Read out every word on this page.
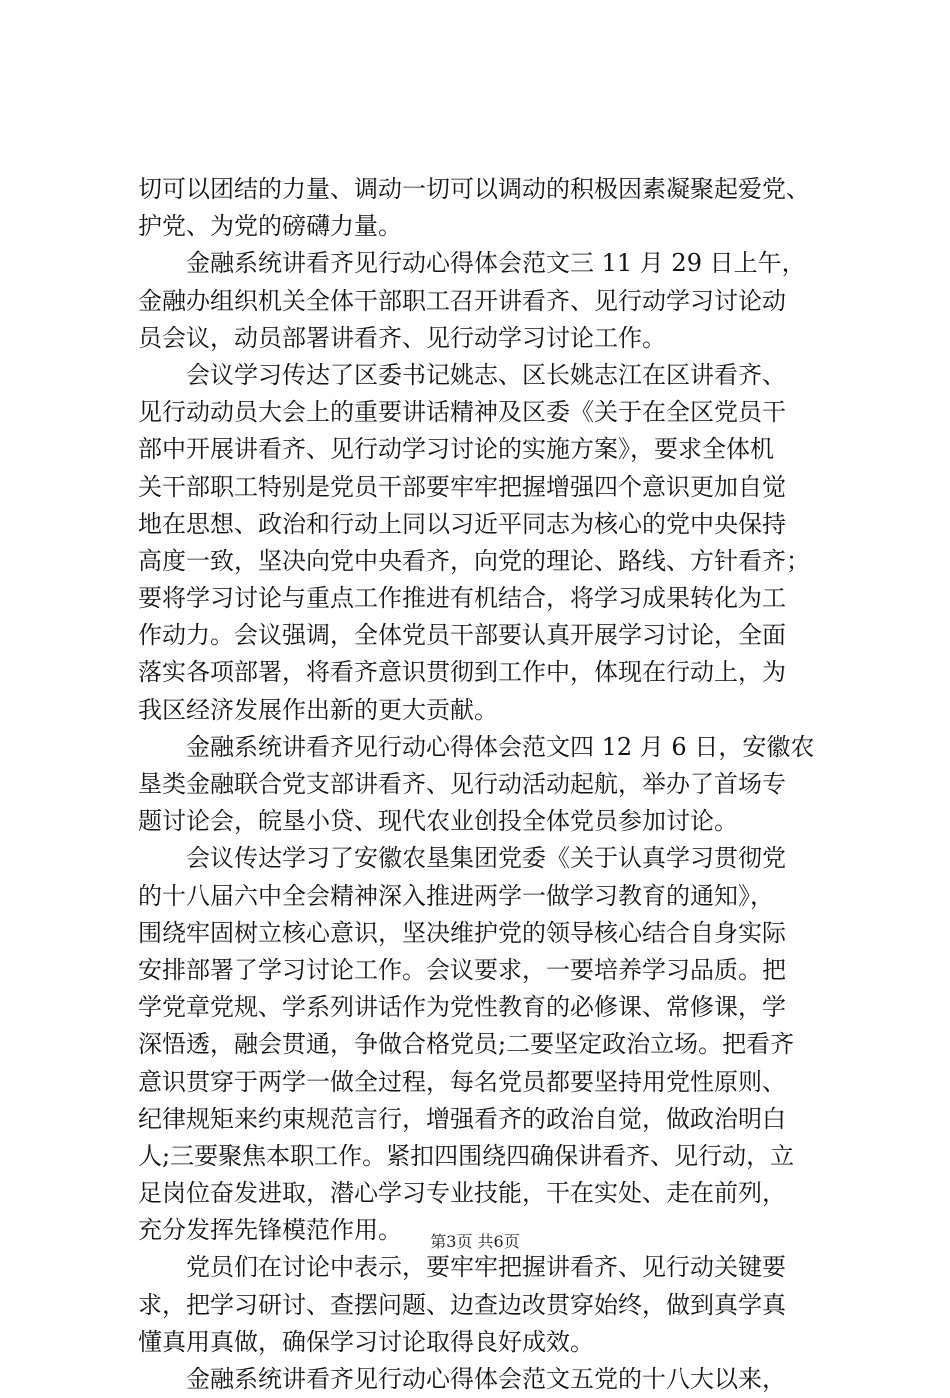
切可以团结的力量、调动一切可以调动的积极因素凝聚起爱党、
护党、为党的磅礴力量。
金融系统讲看齐见行动心得体会范文三 11 月 29 日上午，
金融办组织机关全体干部职工召开讲看齐、见行动学习讨论动
员会议，动员部署讲看齐、见行动学习讨论工作。
会议学习传达了区委书记姚志、区长姚志江在区讲看齐、
见行动动员大会上的重要讲话精神及区委《关于在全区党员干
部中开展讲看齐、见行动学习讨论的实施方案》，要求全体机
关干部职工特别是党员干部要牢牢把握增强四个意识更加自觉
地在思想、政治和行动上同以习近平同志为核心的党中央保持
高度一致，坚决向党中央看齐，向党的理论、路线、方针看齐；
要将学习讨论与重点工作推进有机结合，将学习成果转化为工
作动力。会议强调，全体党员干部要认真开展学习讨论，全面
落实各项部署，将看齐意识贯彻到工作中，体现在行动上，为
我区经济发展作出新的更大贡献。
金融系统讲看齐见行动心得体会范文四 12 月 6 日，安徽农
垦类金融联合党支部讲看齐、见行动活动起航，举办了首场专
题讨论会，皖垦小贷、现代农业创投全体党员参加讨论。
会议传达学习了安徽农垦集团党委《关于认真学习贯彻党
的十八届六中全会精神深入推进两学一做学习教育的通知》，
围绕牢固树立核心意识，坚决维护党的领导核心结合自身实际
安排部署了学习讨论工作。会议要求，一要培养学习品质。把
学党章党规、学系列讲话作为党性教育的必修课、常修课，学
深悟透，融会贯通，争做合格党员;二要坚定政治立场。把看齐
意识贯穿于两学一做全过程，每名党员都要坚持用党性原则、
纪律规矩来约束规范言行，增强看齐的政治自觉，做政治明白
人;三要聚焦本职工作。紧扣四围绕四确保讲看齐、见行动，立
足岗位奋发进取，潜心学习专业技能，干在实处、走在前列，
充分发挥先锋模范作用。
党员们在讨论中表示，要牢牢把握讲看齐、见行动关键要
求，把学习研讨、查摆问题、边查边改贯穿始终，做到真学真
懂真用真做，确保学习讨论取得良好成效。
金融系统讲看齐见行动心得体会范文五党的十八大以来，
第3页 共6页
